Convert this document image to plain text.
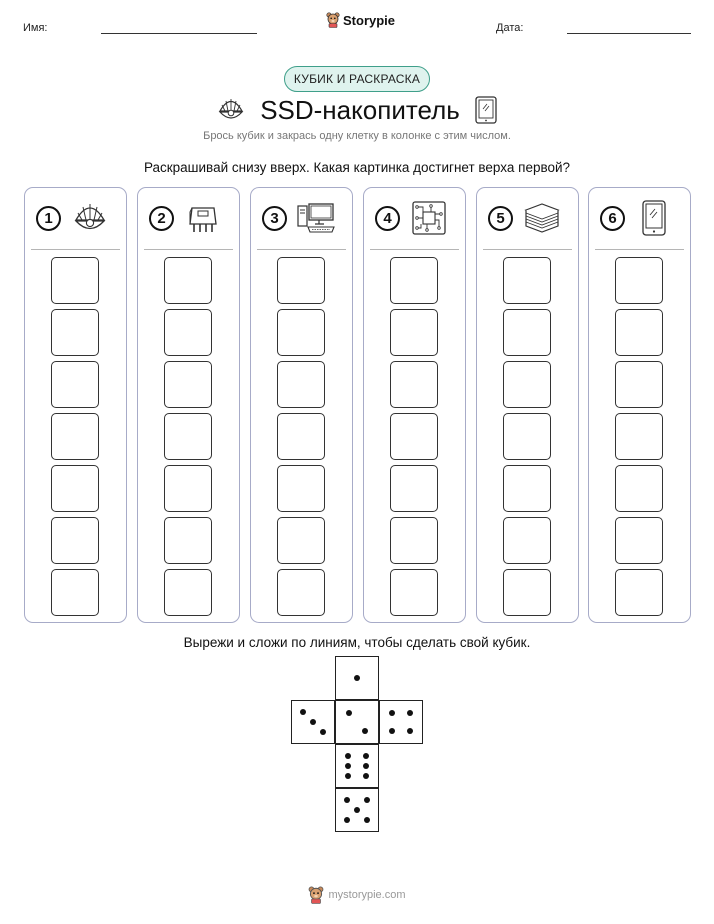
Имя:
Storypie
Дата:
КУБИК И РАСКРАСКА
SSD-накопитель
Брось кубик и закрась одну клетку в колонке с этим числом.
Раскрашивай снизу вверх. Какая картинка достигнет верха первой?
1	2	3	4	5	6
Вырежи и сложи по линиям, чтобы сделать свой кубик.
mystorypie.com
